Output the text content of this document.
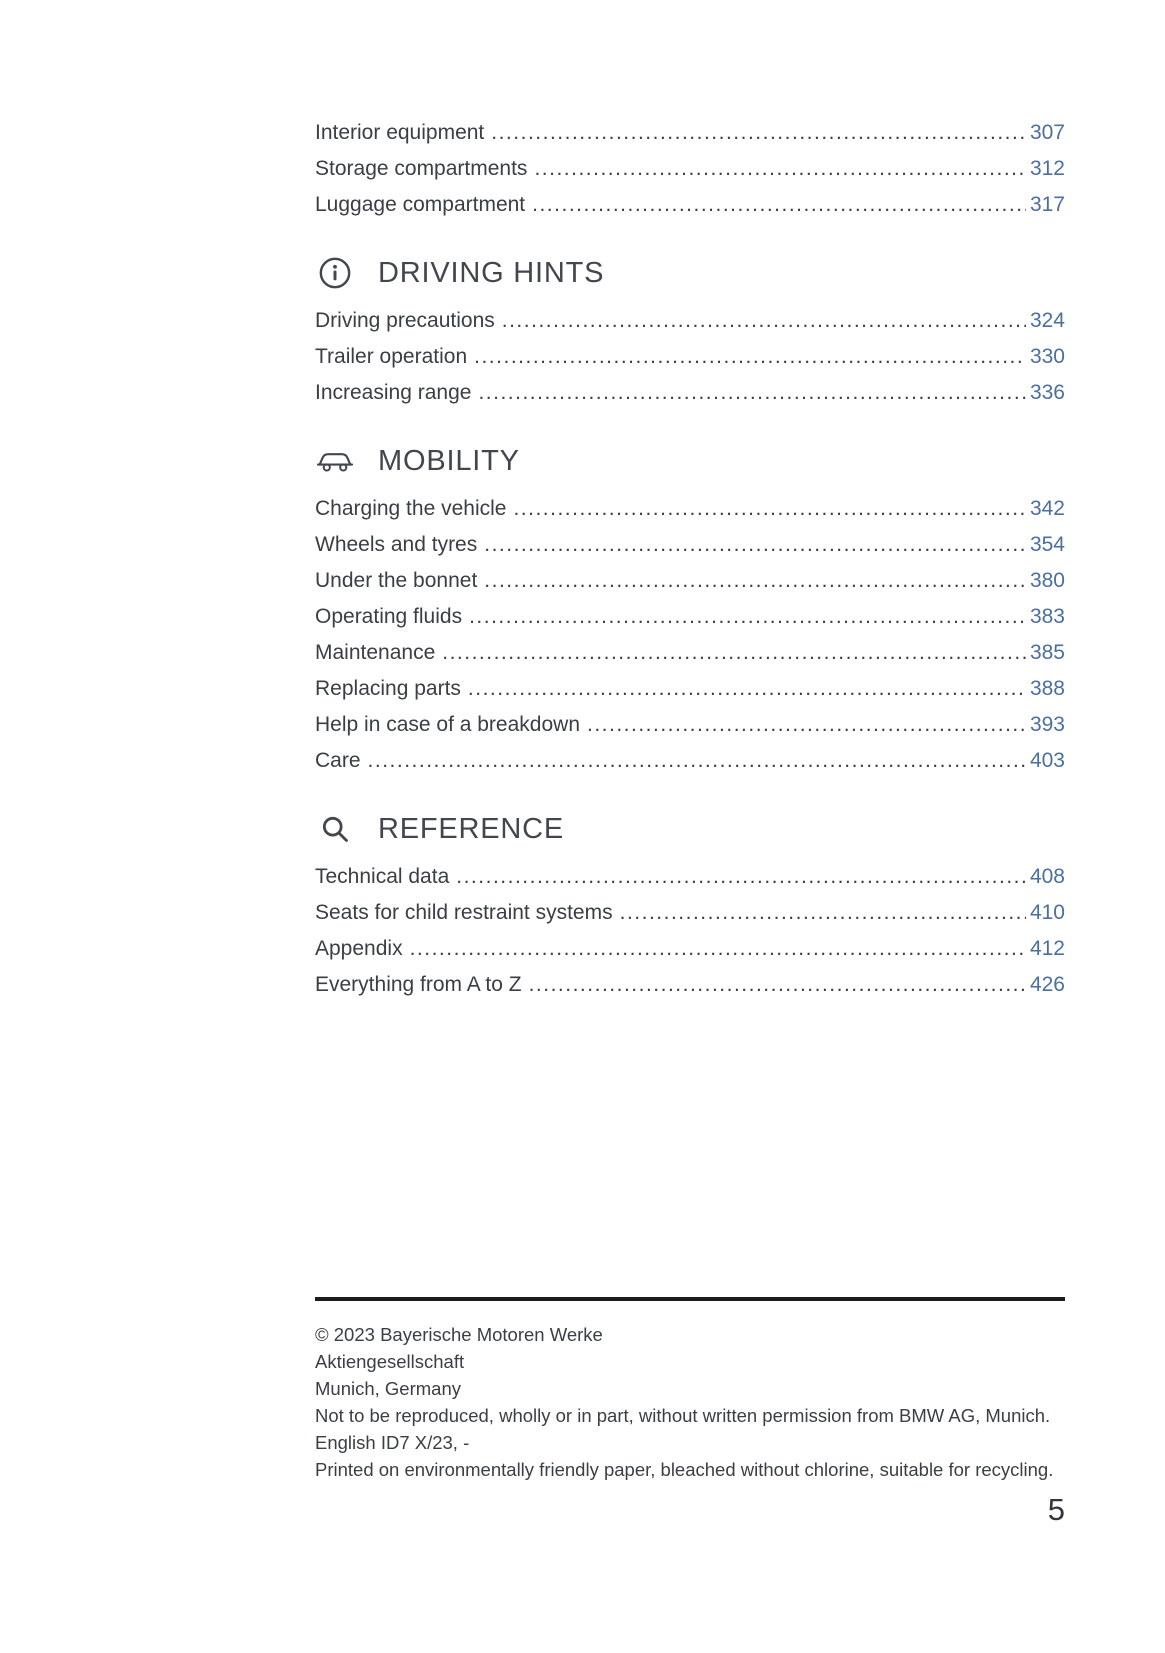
Interior equipment .....	307
Storage compartments .....	312
Luggage compartment .....	317
DRIVING HINTS
Driving precautions .....	324
Trailer operation .....	330
Increasing range .....	336
MOBILITY
Charging the vehicle .....	342
Wheels and tyres .....	354
Under the bonnet .....	380
Operating fluids .....	383
Maintenance .....	385
Replacing parts .....	388
Help in case of a breakdown .....	393
Care .....	403
REFERENCE
Technical data .....	408
Seats for child restraint systems .....	410
Appendix .....	412
Everything from A to Z .....	426

© 2023 Bayerische Motoren Werke

Aktiengesellschaft

Munich, Germany

Not to be reproduced, wholly or in part, without written permission from BMW AG, Munich.

English ID7 X/23, -

Printed on environmentally friendly paper, bleached without chlorine, suitable for recycling.

5
